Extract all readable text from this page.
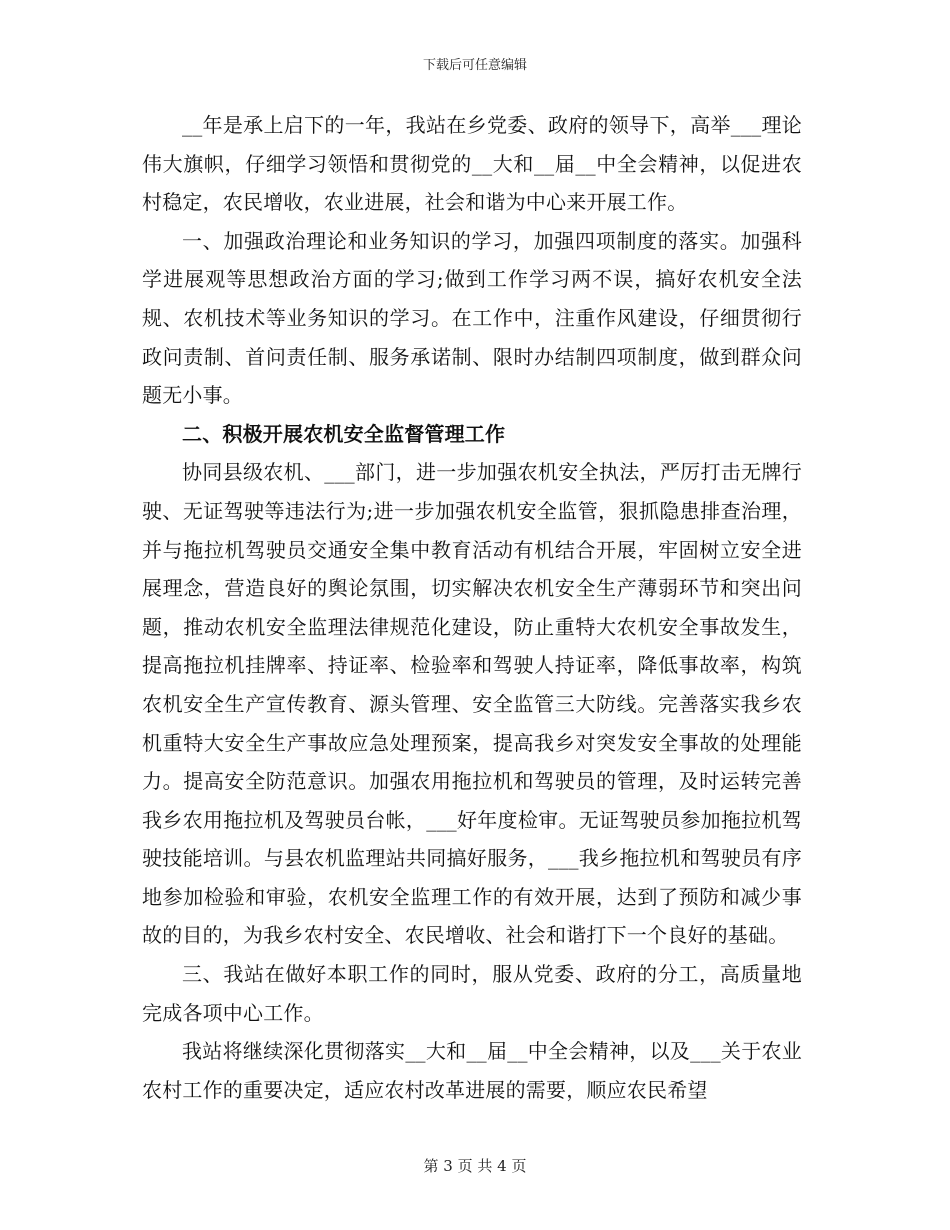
下载后可任意编辑

__年是承上启下的一年，我站在乡党委、政府的领导下，高举___理论伟大旗帜，仔细学习领悟和贯彻党的__大和__届__中全会精神，以促进农村稳定，农民增收，农业进展，社会和谐为中心来开展工作。

一、加强政治理论和业务知识的学习，加强四项制度的落实。加强科学进展观等思想政治方面的学习;做到工作学习两不误，搞好农机安全法规、农机技术等业务知识的学习。在工作中，注重作风建设，仔细贯彻行政问责制、首问责任制、服务承诺制、限时办结制四项制度，做到群众问题无小事。

二、积极开展农机安全监督管理工作

协同县级农机、___部门，进一步加强农机安全执法，严厉打击无牌行驶、无证驾驶等违法行为;进一步加强农机安全监管，狠抓隐患排查治理，并与拖拉机驾驶员交通安全集中教育活动有机结合开展，牢固树立安全进展理念，营造良好的舆论氛围，切实解决农机安全生产薄弱环节和突出问题，推动农机安全监理法律规范化建设，防止重特大农机安全事故发生，提高拖拉机挂牌率、持证率、检验率和驾驶人持证率，降低事故率，构筑农机安全生产宣传教育、源头管理、安全监管三大防线。完善落实我乡农机重特大安全生产事故应急处理预案，提高我乡对突发安全事故的处理能力。提高安全防范意识。加强农用拖拉机和驾驶员的管理，及时运转完善我乡农用拖拉机及驾驶员台帐，___好年度检审。无证驾驶员参加拖拉机驾驶技能培训。与县农机监理站共同搞好服务，___我乡拖拉机和驾驶员有序地参加检验和审验，农机安全监理工作的有效开展，达到了预防和减少事故的目的，为我乡农村安全、农民增收、社会和谐打下一个良好的基础。

三、我站在做好本职工作的同时，服从党委、政府的分工，高质量地完成各项中心工作。

我站将继续深化贯彻落实__大和__届__中全会精神，以及___关于农业农村工作的重要决定，适应农村改革进展的需要，顺应农民希望

第 3 页 共 4 页
